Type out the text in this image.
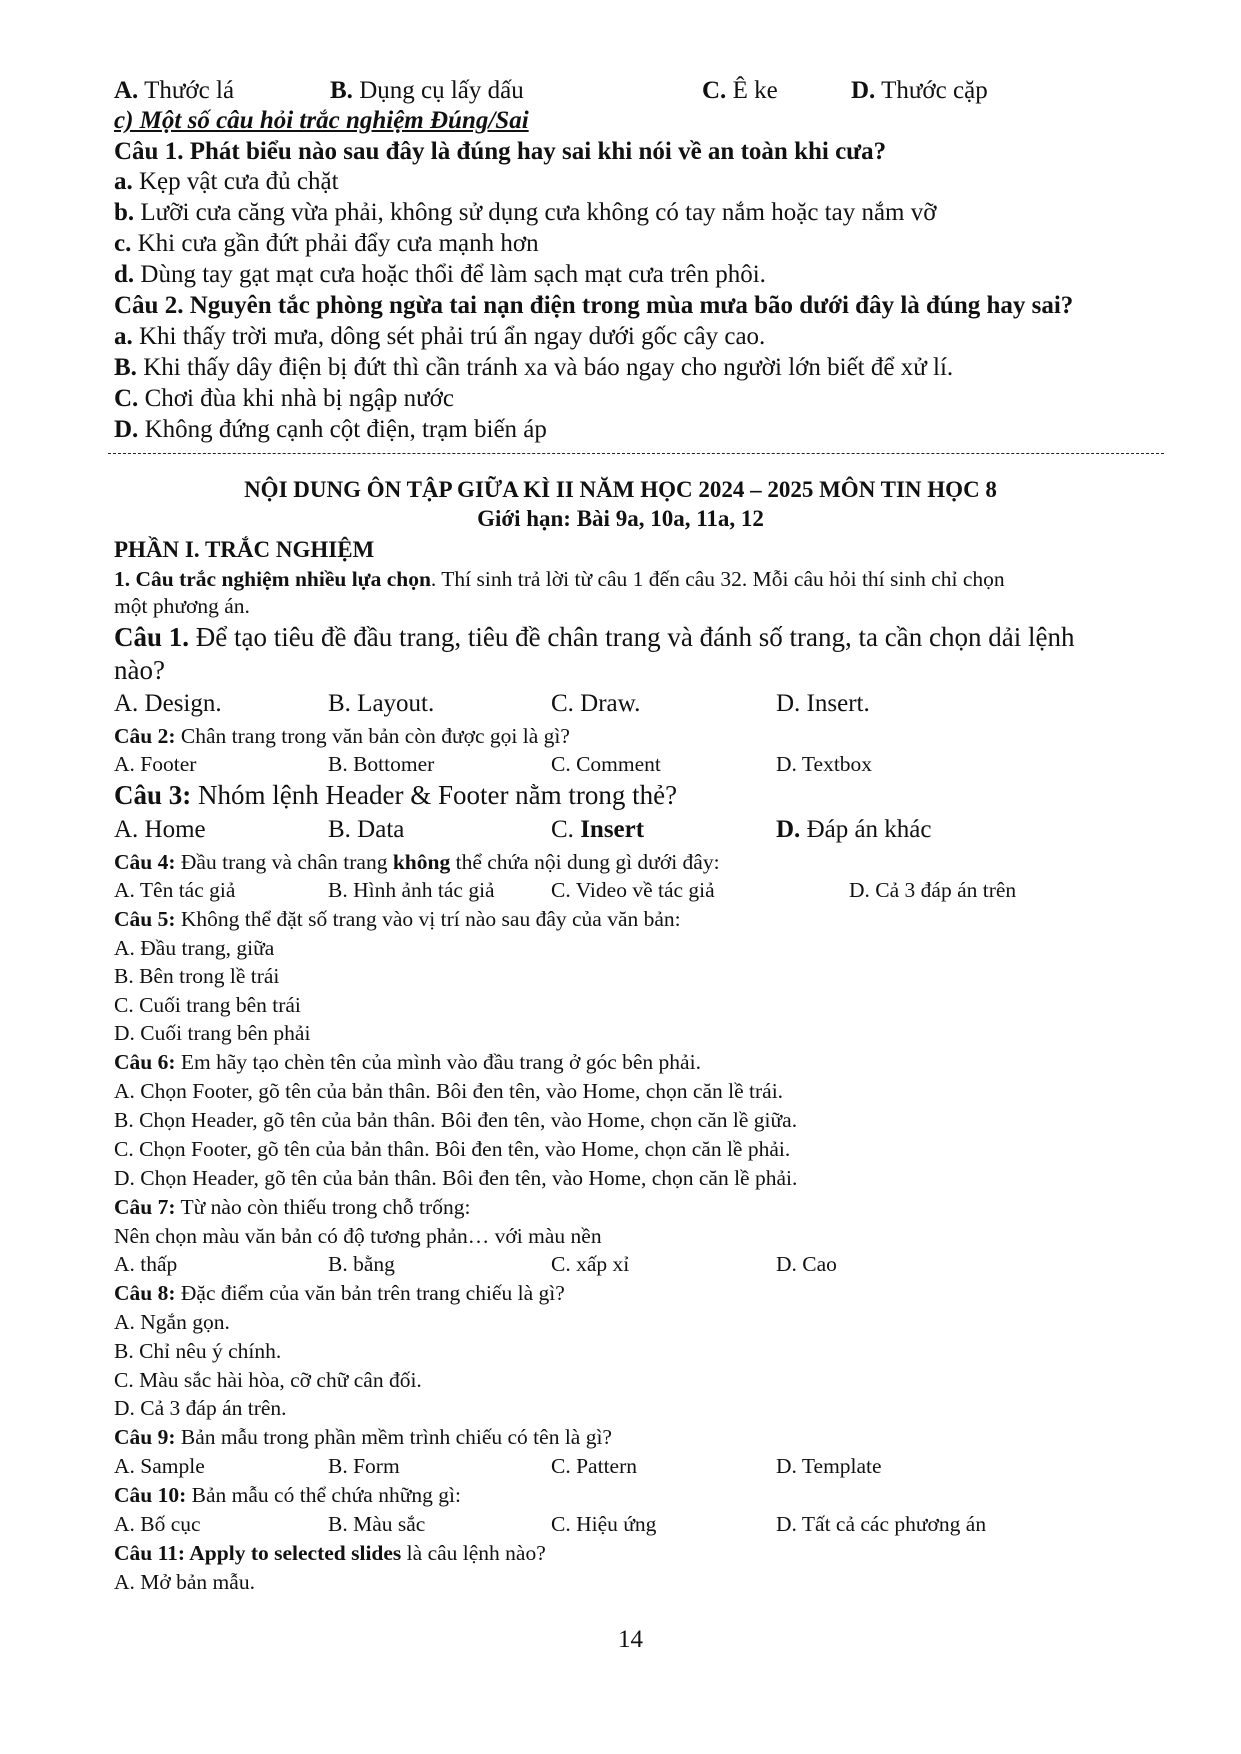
A. Thước lá	B. Dụng cụ lấy dấu	C. Ê ke	D. Thước cặp
c) Một số câu hỏi trắc nghiệm Đúng/Sai
Câu 1. Phát biểu nào sau đây là đúng hay sai khi nói về an toàn khi cưa?
a. Kẹp vật cưa đủ chặt
b. Lưỡi cưa căng vừa phải, không sử dụng cưa không có tay nắm hoặc tay nắm vỡ
c. Khi cưa gần đứt phải đẩy cưa mạnh hơn
d. Dùng tay gạt mạt cưa hoặc thổi để làm sạch mạt cưa trên phôi.
Câu 2. Nguyên tắc phòng ngừa tai nạn điện trong mùa mưa bão dưới đây là đúng hay sai?
a. Khi thấy trời mưa, dông sét phải trú ẩn ngay dưới gốc cây cao.
B. Khi thấy dây điện bị đứt thì cần tránh xa và báo ngay cho người lớn biết để xử lí.
C. Chơi đùa khi nhà bị ngập nước
D. Không đứng cạnh cột điện, trạm biến áp
NỘI DUNG ÔN TẬP GIỮA KÌ II NĂM HỌC 2024 – 2025 MÔN TIN HỌC 8
Giới hạn: Bài 9a, 10a, 11a, 12
PHẦN I. TRẮC NGHIỆM
1. Câu trắc nghiệm nhiều lựa chọn. Thí sinh trả lời từ câu 1 đến câu 32. Mỗi câu hỏi thí sinh chỉ chọn
một phương án.
Câu 1. Để tạo tiêu đề đầu trang, tiêu đề chân trang và đánh số trang, ta cần chọn dải lệnh
nào?
A. Design.	B. Layout.	C. Draw.	D. Insert.
Câu 2: Chân trang trong văn bản còn được gọi là gì?
A. Footer	B. Bottomer	C. Comment	D. Textbox
Câu 3: Nhóm lệnh Header & Footer nằm trong thẻ?
A. Home	B. Data	C. Insert	D. Đáp án khác
Câu 4: Đầu trang và chân trang không thể chứa nội dung gì dưới đây:
A. Tên tác giả	B. Hình ảnh tác giả	C. Video về tác giả	D. Cả 3 đáp án trên
Câu 5: Không thể đặt số trang vào vị trí nào sau đây của văn bản:
A. Đầu trang, giữa
B. Bên trong lề trái
C. Cuối trang bên trái
D. Cuối trang bên phải
Câu 6: Em hãy tạo chèn tên của mình vào đầu trang ở góc bên phải.
A. Chọn Footer, gõ tên của bản thân. Bôi đen tên, vào Home, chọn căn lề trái.
B. Chọn Header, gõ tên của bản thân. Bôi đen tên, vào Home, chọn căn lề giữa.
C. Chọn Footer, gõ tên của bản thân. Bôi đen tên, vào Home, chọn căn lề phải.
D. Chọn Header, gõ tên của bản thân. Bôi đen tên, vào Home, chọn căn lề phải.
Câu 7: Từ nào còn thiếu trong chỗ trống:
Nên chọn màu văn bản có độ tương phản… với màu nền
A. thấp	B. bằng	C. xấp xỉ	D. Cao
Câu 8: Đặc điểm của văn bản trên trang chiếu là gì?
A. Ngắn gọn.
B. Chỉ nêu ý chính.
C. Màu sắc hài hòa, cỡ chữ cân đối.
D. Cả 3 đáp án trên.
Câu 9: Bản mẫu trong phần mềm trình chiếu có tên là gì?
A. Sample	B. Form	C. Pattern	D. Template
Câu 10: Bản mẫu có thể chứa những gì:
A. Bố cục	B. Màu sắc	C. Hiệu ứng	D. Tất cả các phương án
Câu 11: Apply to selected slides là câu lệnh nào?
A. Mở bản mẫu.
14
